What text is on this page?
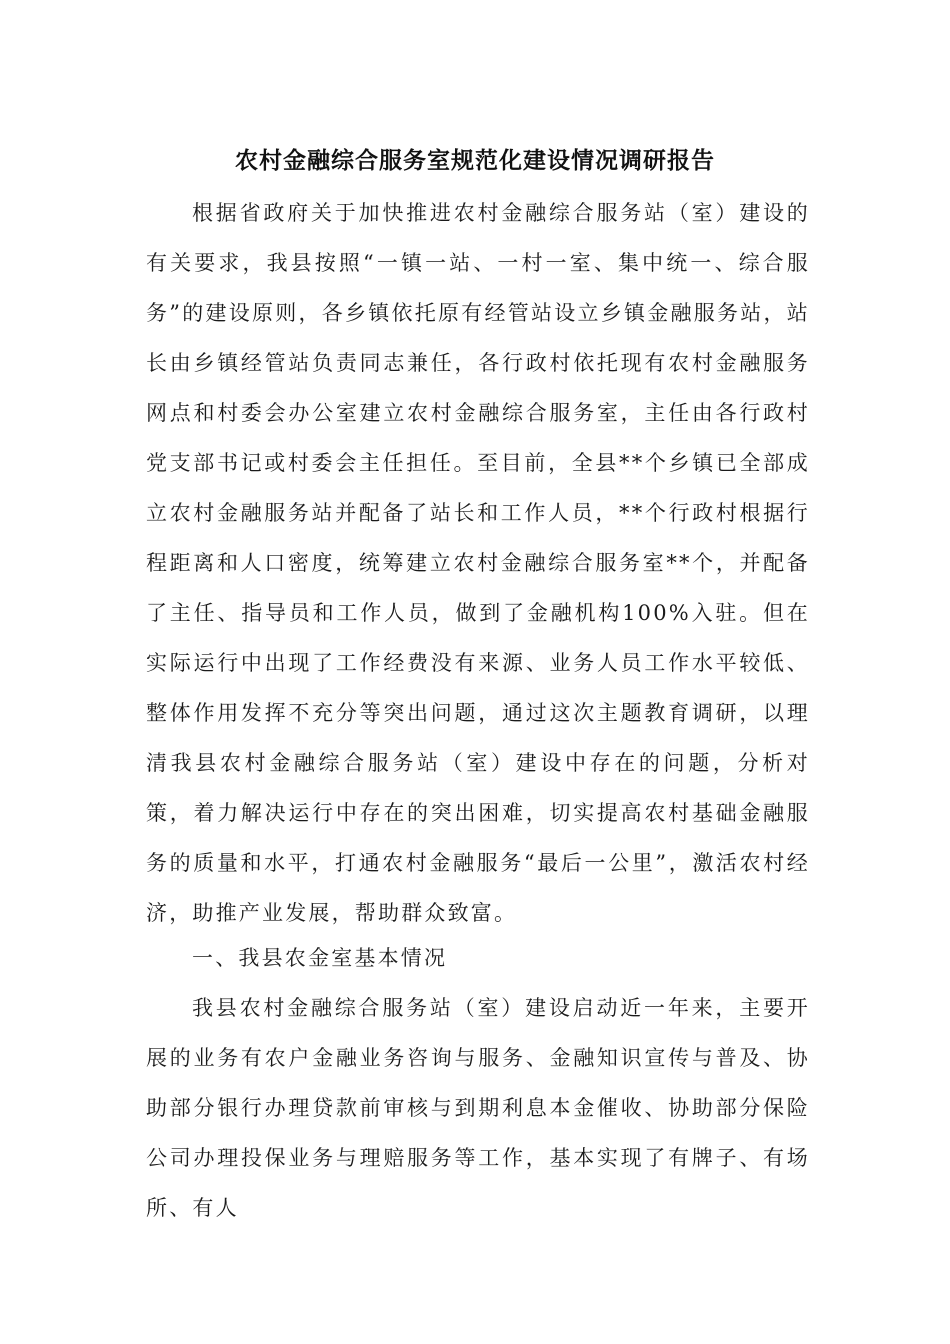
农村金融综合服务室规范化建设情况调研报告
根据省政府关于加快推进农村金融综合服务站（室）建设的有关要求，我县按照“一镇一站、一村一室、集中统一、综合服务”的建设原则，各乡镇依托原有经管站设立乡镇金融服务站，站长由乡镇经管站负责同志兼任，各行政村依托现有农村金融服务网点和村委会办公室建立农村金融综合服务室，主任由各行政村党支部书记或村委会主任担任。至目前，全县**个乡镇已全部成立农村金融服务站并配备了站长和工作人员，**个行政村根据行程距离和人口密度，统筹建立农村金融综合服务室**个，并配备了主任、指导员和工作人员，做到了金融机构100%入驻。但在实际运行中出现了工作经费没有来源、业务人员工作水平较低、整体作用发挥不充分等突出问题，通过这次主题教育调研，以理清我县农村金融综合服务站（室）建设中存在的问题，分析对策，着力解决运行中存在的突出困难，切实提高农村基础金融服务的质量和水平，打通农村金融服务“最后一公里”，激活农村经济，助推产业发展，帮助群众致富。
一、我县农金室基本情况
我县农村金融综合服务站（室）建设启动近一年来，主要开展的业务有农户金融业务咨询与服务、金融知识宣传与普及、协助部分银行办理贷款前审核与到期利息本金催收、协助部分保险公司办理投保业务与理赔服务等工作，基本实现了有牌子、有场所、有人
